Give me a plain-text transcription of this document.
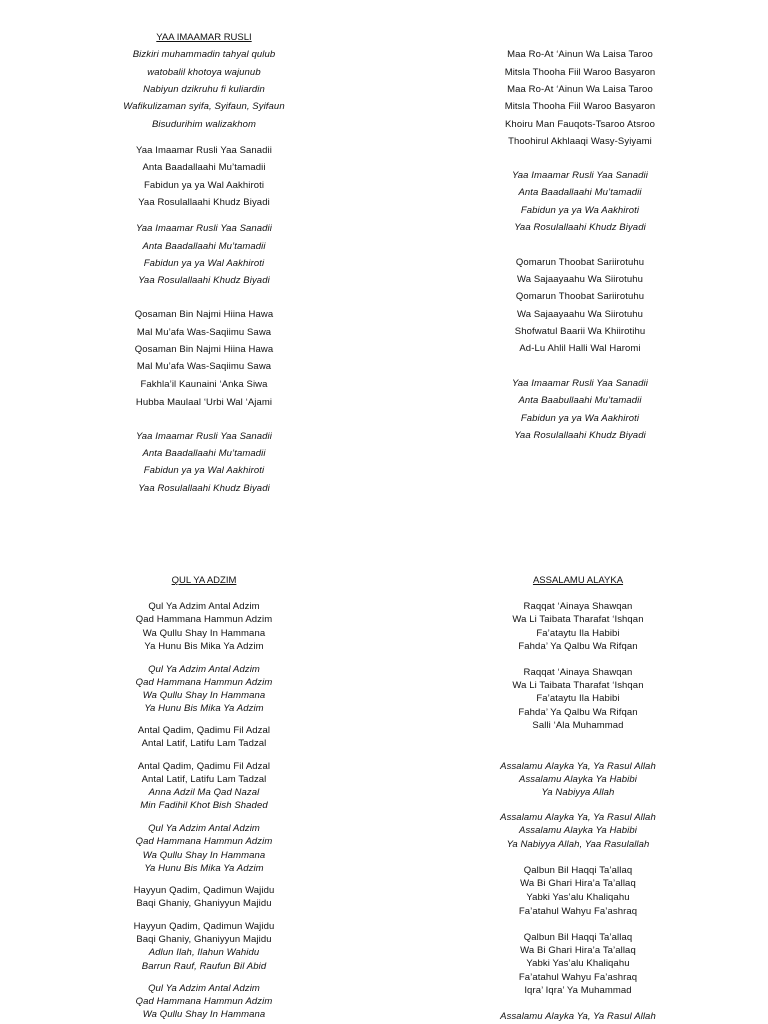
YAA IMAAMAR RUSLI
Bizkiri muhammadin tahyal qulub
watobalil khotoya wajunub
Nabiyun dzikruhu fi kuliardin
Wafikulizaman syifa, Syifaun, Syifaun
Bisudurihim walizakhom
Yaa Imaamar Rusli Yaa Sanadii
Anta Baadallaahi Mu’tamadii
Fabidun ya ya Wal Aakhiroti
Yaa Rosulallaahi Khudz Biyadi
Yaa Imaamar Rusli Yaa Sanadii
Anta Baadallaahi Mu’tamadii
Fabidun ya ya Wal Aakhiroti
Yaa Rosulallaahi Khudz Biyadi
Qosaman Bin Najmi Hiina Hawa
Mal Mu’afa Was-Saqiimu Sawa
Qosaman Bin Najmi Hiina Hawa
Mal Mu’afa Was-Saqiimu Sawa
Fakhla’il Kaunaini ‘Anka Siwa
Hubba Maulaal ‘Urbi Wal ‘Ajami
Yaa Imaamar Rusli Yaa Sanadii
Anta Baadallaahi Mu’tamadii
Fabidun ya ya Wal Aakhiroti
Yaa Rosulallaahi Khudz Biyadi
Maa Ro-At ‘Ainun Wa Laisa Taroo
Mitsla Thooha Fiil Waroo Basyaron
Maa Ro-At ‘Ainun Wa Laisa Taroo
Mitsla Thooha Fiil Waroo Basyaron
Khoiru Man Fauqots-Tsaroo Atsroo
Thoohirul Akhlaaqi Wasy-Syiyami
Yaa Imaamar Rusli Yaa Sanadii
Anta Baadallaahi Mu’tamadii
Fabidun ya ya Wa Aakhiroti
Yaa Rosulallaahi Khudz Biyadi
Qomarun Thoobat Sariirotuhu
Wa Sajaayaahu Wa Siirotuhu
Qomarun Thoobat Sariirotuhu
Wa Sajaayaahu Wa Siirotuhu
Shofwatul Baarii Wa Khiirotihu
Ad-Lu Ahlil Halli Wal Haromi
Yaa Imaamar Rusli Yaa Sanadii
Anta Baabullaahi Mu’tamadii
Fabidun ya ya Wa Aakhiroti
Yaa Rosulallaahi Khudz Biyadi
QUL YA ADZIM
Qul Ya Adzim Antal Adzim
Qad Hammana Hammun Adzim
Wa Qullu Shay In Hammana
Ya Hunu Bis Mika Ya Adzim
Qul Ya Adzim Antal Adzim
Qad Hammana Hammun Adzim
Wa Qullu Shay In Hammana
Ya Hunu Bis Mika Ya Adzim
Antal Qadim, Qadimu Fil Adzal
Antal Latif, Latifu Lam Tadzal
Antal Qadim, Qadimu Fil Adzal
Antal Latif, Latifu Lam Tadzal
Anna Adzil Ma Qad Nazal
Min Fadihil Khot Bish Shaded
Qul Ya Adzim Antal Adzim
Qad Hammana Hammun Adzim
Wa Qullu Shay In Hammana
Ya Hunu Bis Mika Ya Adzim
Hayyun Qadim, Qadimun Wajidu
Baqi Ghaniy, Ghaniyyun Majidu
Hayyun Qadim, Qadimun Wajidu
Baqi Ghaniy, Ghaniyyun Majidu
Adlun Ilah, Ilahun Wahidu
Barrun Rauf, Raufun Bil Abid
Qul Ya Adzim Antal Adzim
Qad Hammana Hammun Adzim
Wa Qullu Shay In Hammana
ASSALAMU ALAYKA
Raqqat ‘Ainaya Shawqan
Wa Li Taibata Tharafat ‘Ishqan
Fa’ataytu Ila Habibi
Fahda’ Ya Qalbu Wa Rifqan
Raqqat ‘Ainaya Shawqan
Wa Li Taibata Tharafat ‘Ishqan
Fa’ataytu Ila Habibi
Fahda’ Ya Qalbu Wa Rifqan
Salli ‘Ala Muhammad
Assalamu Alayka Ya, Ya Rasul Allah
Assalamu Alayka Ya Habibi
Ya Nabiyya Allah
Assalamu Alayka Ya, Ya Rasul Allah
Assalamu Alayka Ya Habibi
Ya Nabiyya Allah, Yaa Rasulallah
Qalbun Bil Haqqi Ta’allaq
Wa Bi Ghari Hira’a Ta’allaq
Yabki Yas’alu Khaliqahu
Fa’atahul Wahyu Fa’ashraq
Qalbun Bil Haqqi Ta’allaq
Wa Bi Ghari Hira’a Ta’allaq
Yabki Yas’alu Khaliqahu
Fa’atahul Wahyu Fa’ashraq
Iqra’ Iqra’ Ya Muhammad
Assalamu Alayka Ya, Ya Rasul Allah
